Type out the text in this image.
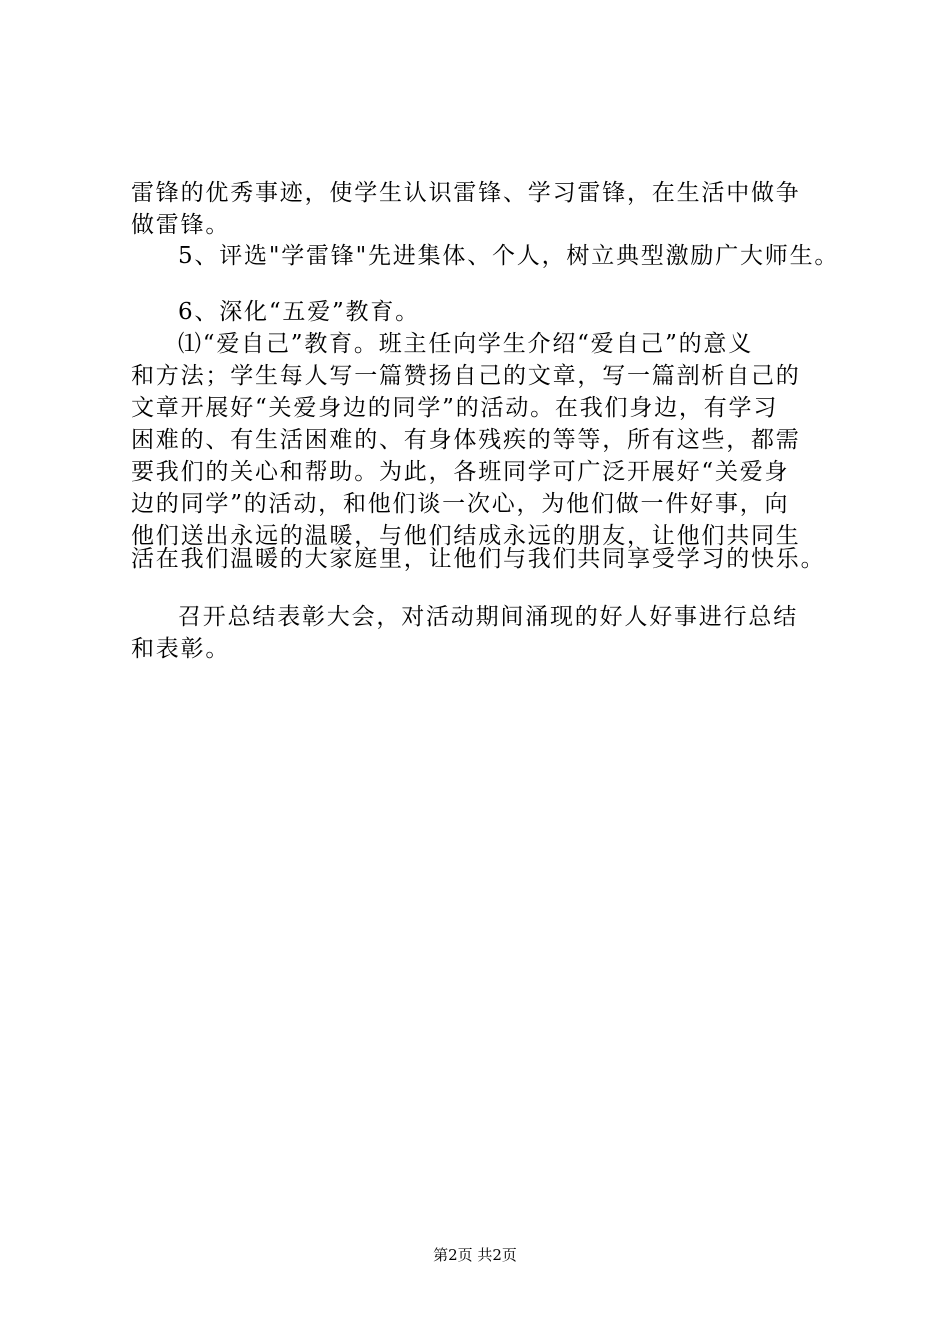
雷锋的优秀事迹，使学生认识雷锋、学习雷锋，在生活中做争
做雷锋。
5、评选"学雷锋"先进集体、个人，树立典型激励广大师生。
6、深化“五爱”教育。
⑴“爱自己”教育。班主任向学生介绍“爱自己”的意义
和方法；学生每人写一篇赞扬自己的文章，写一篇剖析自己的
文章开展好“关爱身边的同学”的活动。在我们身边，有学习
困难的、有生活困难的、有身体残疾的等等，所有这些，都需
要我们的关心和帮助。为此，各班同学可广泛开展好“关爱身
边的同学”的活动，和他们谈一次心，为他们做一件好事，向
他们送出永远的温暖，与他们结成永远的朋友，让他们共同生
活在我们温暖的大家庭里，让他们与我们共同享受学习的快乐。
召开总结表彰大会，对活动期间涌现的好人好事进行总结
和表彰。
第2页 共2页
